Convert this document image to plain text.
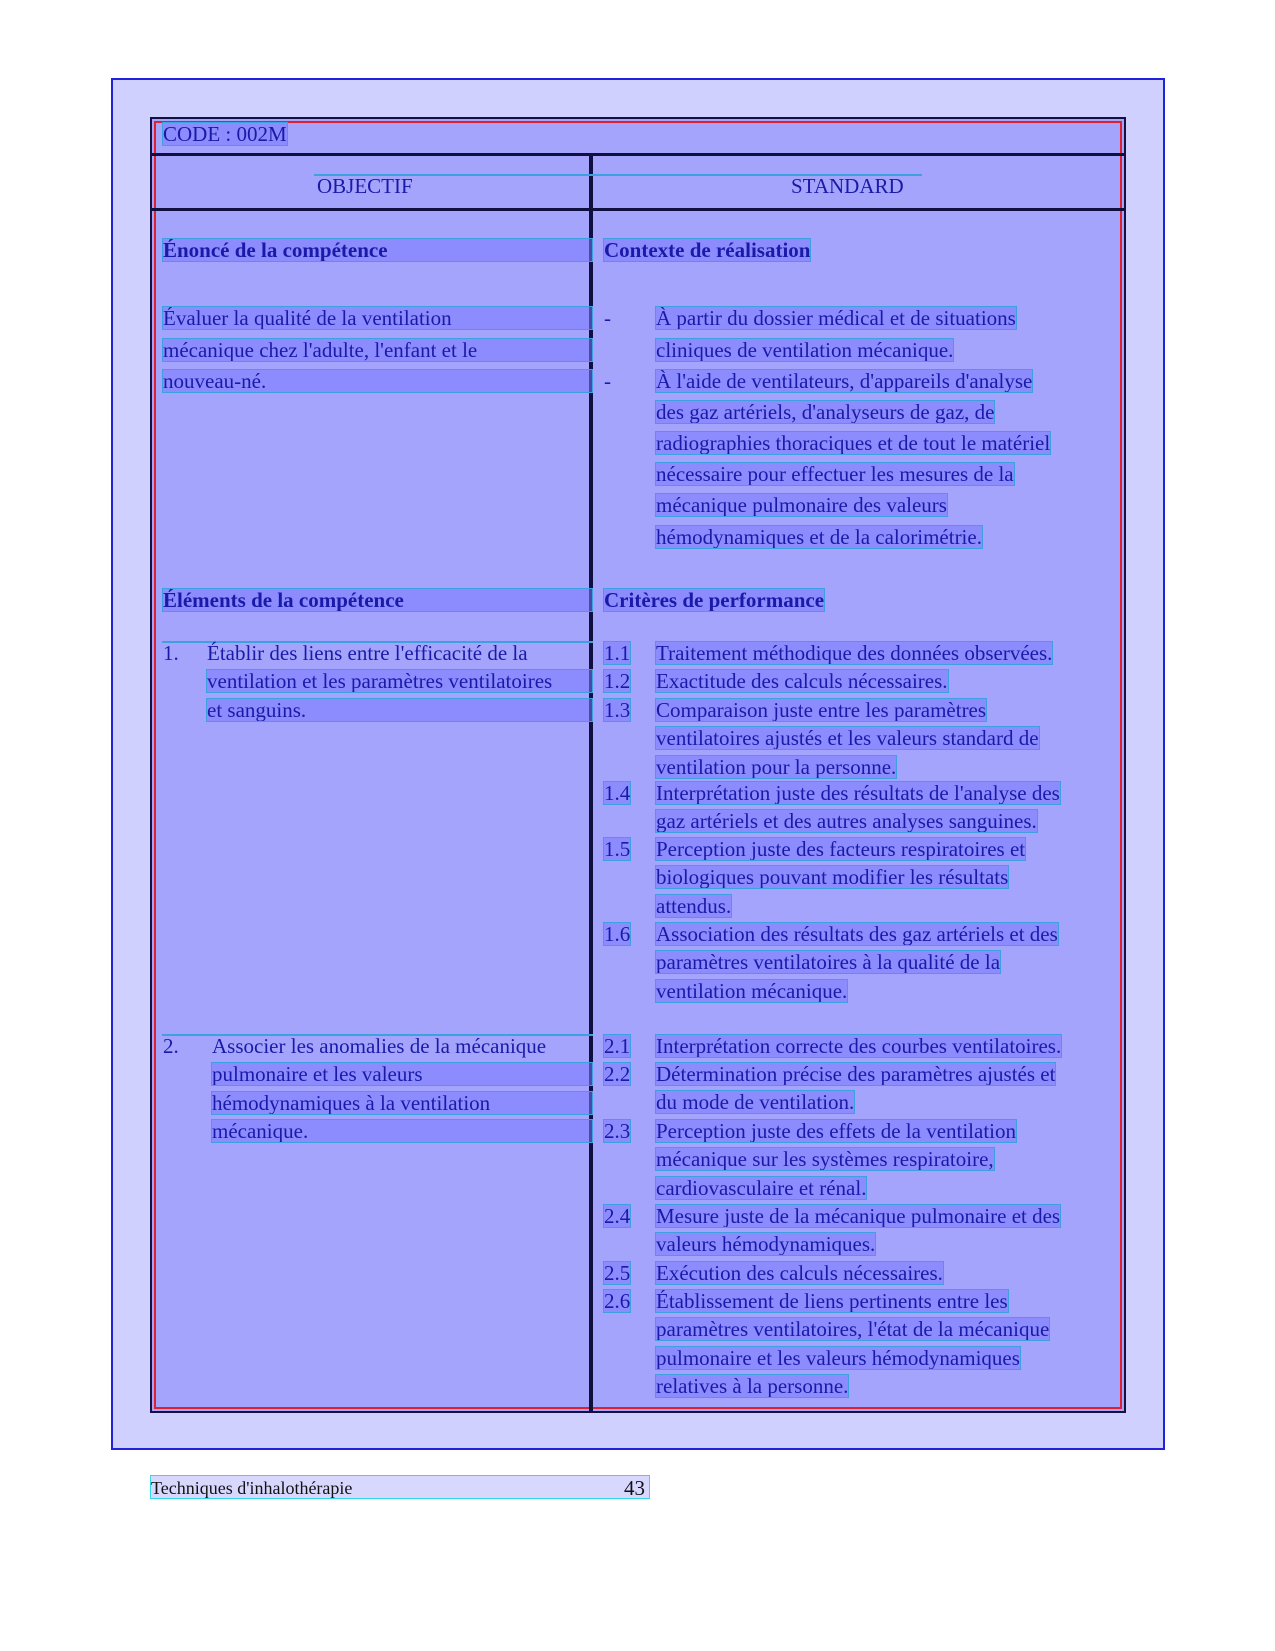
CODE : 002M
OBJECTIF	STANDARD
Énoncé de la compétence
Évaluer la qualité de la ventilation
mécanique chez l'adulte, l'enfant et le
nouveau-né.
Éléments de la compétence
1. Établir des liens entre l'efficacité de la
ventilation et les paramètres ventilatoires
et sanguins.
2. Associer les anomalies de la mécanique
pulmonaire et les valeurs
hémodynamiques à la ventilation
mécanique.
Contexte de réalisation
- À partir du dossier médical et de situations
cliniques de ventilation mécanique.
- À l'aide de ventilateurs, d'appareils d'analyse
des gaz artériels, d'analyseurs de gaz, de
radiographies thoraciques et de tout le matériel
nécessaire pour effectuer les mesures de la
mécanique pulmonaire des valeurs
hémodynamiques et de la calorimétrie.
Critères de performance
1.1 Traitement méthodique des données observées.
1.2 Exactitude des calculs nécessaires.
1.3 Comparaison juste entre les paramètres
ventilatoires ajustés et les valeurs standard de
ventilation pour la personne.
1.4 Interprétation juste des résultats de l'analyse des
gaz artériels et des autres analyses sanguines.
1.5 Perception juste des facteurs respiratoires et
biologiques pouvant modifier les résultats
attendus.
1.6 Association des résultats des gaz artériels et des
paramètres ventilatoires à la qualité de la
ventilation mécanique.
2.1 Interprétation correcte des courbes ventilatoires.
2.2 Détermination précise des paramètres ajustés et
du mode de ventilation.
2.3 Perception juste des effets de la ventilation
mécanique sur les systèmes respiratoire,
cardiovasculaire et rénal.
2.4 Mesure juste de la mécanique pulmonaire et des
valeurs hémodynamiques.
2.5 Exécution des calculs nécessaires.
2.6 Établissement de liens pertinents entre les
paramètres ventilatoires, l'état de la mécanique
pulmonaire et les valeurs hémodynamiques
relatives à la personne.
Techniques d'inhalothérapie	43
